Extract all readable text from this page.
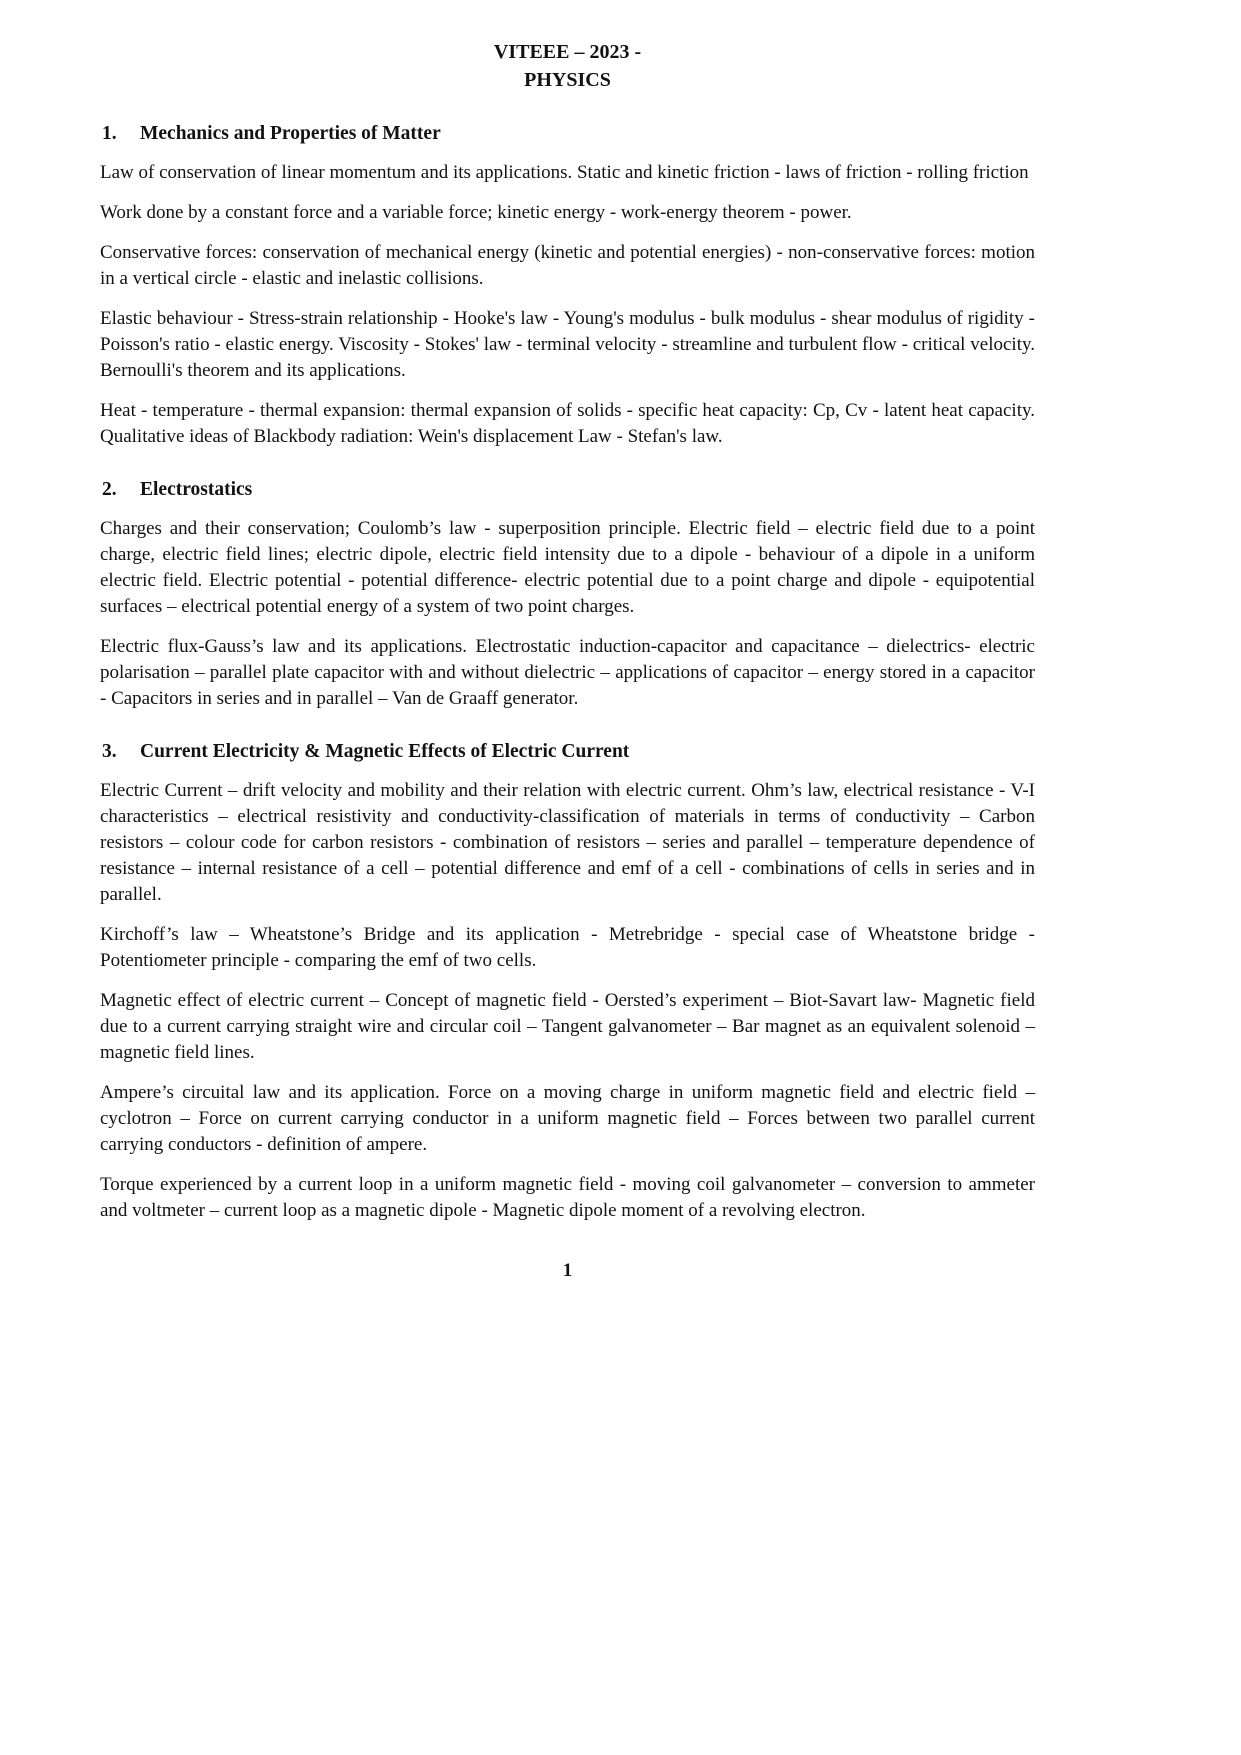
VITEEE – 2023 -
PHYSICS
1.	Mechanics and Properties of Matter

Law of conservation of linear momentum and its applications. Static and kinetic friction - laws of friction - rolling friction

Work done by a constant force and a variable force; kinetic energy - work-energy theorem - power.

Conservative forces: conservation of mechanical energy (kinetic and potential energies) - non-conservative forces: motion in a vertical circle - elastic and inelastic collisions.

Elastic behaviour - Stress-strain relationship - Hooke's law - Young's modulus - bulk modulus - shear modulus of rigidity - Poisson's ratio - elastic energy. Viscosity - Stokes' law - terminal velocity - streamline and turbulent flow - critical velocity. Bernoulli's theorem and its applications.

Heat - temperature - thermal expansion: thermal expansion of solids - specific heat capacity: Cp, Cv - latent heat capacity. Qualitative ideas of Blackbody radiation: Wein's displacement Law - Stefan's law.

2.	Electrostatics

Charges and their conservation; Coulomb’s law - superposition principle. Electric field – electric field due to a point charge, electric field lines; electric dipole, electric field intensity due to a dipole - behaviour of a dipole in a uniform electric field. Electric potential - potential difference- electric potential due to a point charge and dipole - equipotential surfaces – electrical potential energy of a system of two point charges.

Electric flux-Gauss’s law and its applications. Electrostatic induction-capacitor and capacitance – dielectrics- electric polarisation – parallel plate capacitor with and without dielectric – applications of capacitor – energy stored in a capacitor - Capacitors in series and in parallel – Van de Graaff generator.

3.	Current Electricity & Magnetic Effects of Electric Current

Electric Current – drift velocity and mobility and their relation with electric current. Ohm’s law, electrical resistance - V-I characteristics – electrical resistivity and conductivity-classification of materials in terms of conductivity – Carbon resistors – colour code for carbon resistors - combination of resistors – series and parallel – temperature dependence of resistance – internal resistance of a cell – potential difference and emf of a cell - combinations of cells in series and in parallel.

Kirchoff’s law – Wheatstone’s Bridge and its application - Metrebridge - special case of Wheatstone bridge - Potentiometer principle - comparing the emf of two cells.

Magnetic effect of electric current – Concept of magnetic field - Oersted’s experiment – Biot-Savart law- Magnetic field due to a current carrying straight wire and circular coil – Tangent galvanometer – Bar magnet as an equivalent solenoid – magnetic field lines.

Ampere’s circuital law and its application. Force on a moving charge in uniform magnetic field and electric field – cyclotron – Force on current carrying conductor in a uniform magnetic field – Forces between two parallel current carrying conductors - definition of ampere.

Torque experienced by a current loop in a uniform magnetic field - moving coil galvanometer – conversion to ammeter and voltmeter – current loop as a magnetic dipole - Magnetic dipole moment of a revolving electron.

1
